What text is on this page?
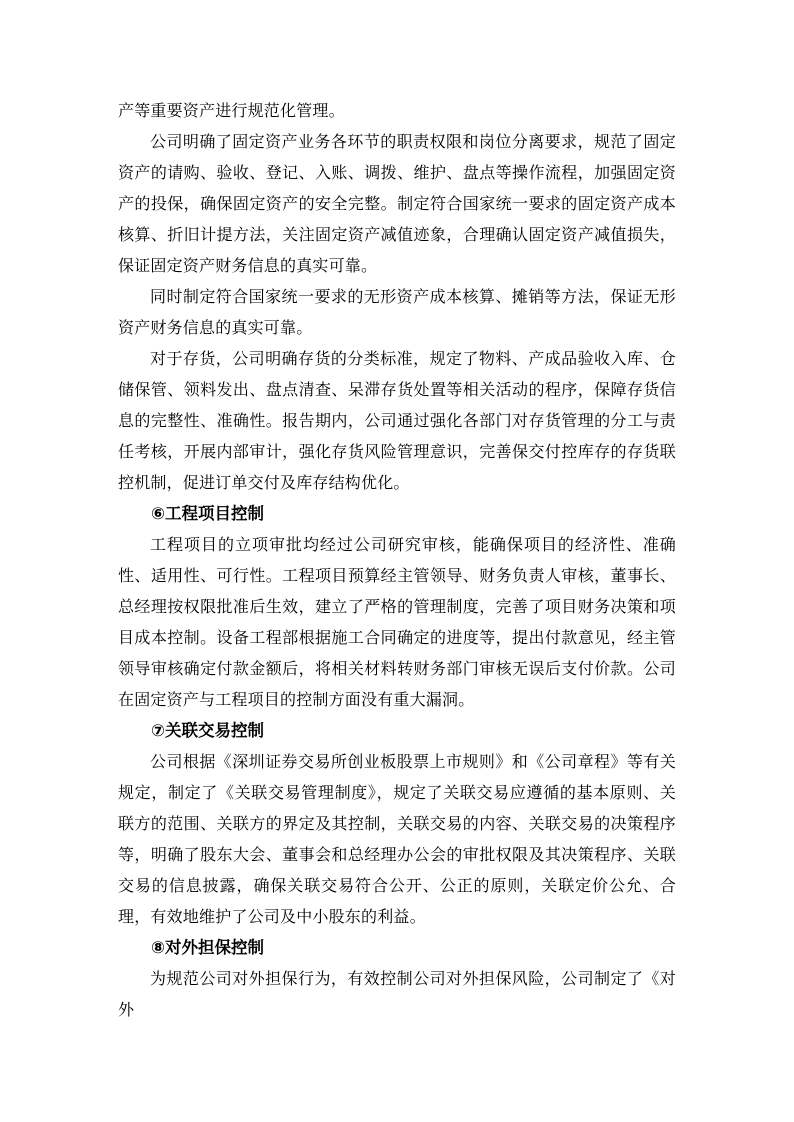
产等重要资产进行规范化管理。

公司明确了固定资产业务各环节的职责权限和岗位分离要求，规范了固定资产的请购、验收、登记、入账、调拨、维护、盘点等操作流程，加强固定资产的投保，确保固定资产的安全完整。制定符合国家统一要求的固定资产成本核算、折旧计提方法，关注固定资产减值迹象，合理确认固定资产减值损失，保证固定资产财务信息的真实可靠。

同时制定符合国家统一要求的无形资产成本核算、摊销等方法，保证无形资产财务信息的真实可靠。

对于存货，公司明确存货的分类标准，规定了物料、产成品验收入库、仓储保管、领料发出、盘点清查、呆滞存货处置等相关活动的程序，保障存货信息的完整性、准确性。报告期内，公司通过强化各部门对存货管理的分工与责任考核，开展内部审计，强化存货风险管理意识，完善保交付控库存的存货联控机制，促进订单交付及库存结构优化。

⑥工程项目控制

工程项目的立项审批均经过公司研究审核，能确保项目的经济性、准确性、适用性、可行性。工程项目预算经主管领导、财务负责人审核，董事长、总经理按权限批准后生效，建立了严格的管理制度，完善了项目财务决策和项目成本控制。设备工程部根据施工合同确定的进度等，提出付款意见，经主管领导审核确定付款金额后，将相关材料转财务部门审核无误后支付价款。公司在固定资产与工程项目的控制方面没有重大漏洞。

⑦关联交易控制

公司根据《深圳证券交易所创业板股票上市规则》和《公司章程》等有关规定，制定了《关联交易管理制度》，规定了关联交易应遵循的基本原则、关联方的范围、关联方的界定及其控制，关联交易的内容、关联交易的决策程序等，明确了股东大会、董事会和总经理办公会的审批权限及其决策程序、关联交易的信息披露，确保关联交易符合公开、公正的原则，关联定价公允、合理，有效地维护了公司及中小股东的利益。

⑧对外担保控制

为规范公司对外担保行为，有效控制公司对外担保风险，公司制定了《对外
